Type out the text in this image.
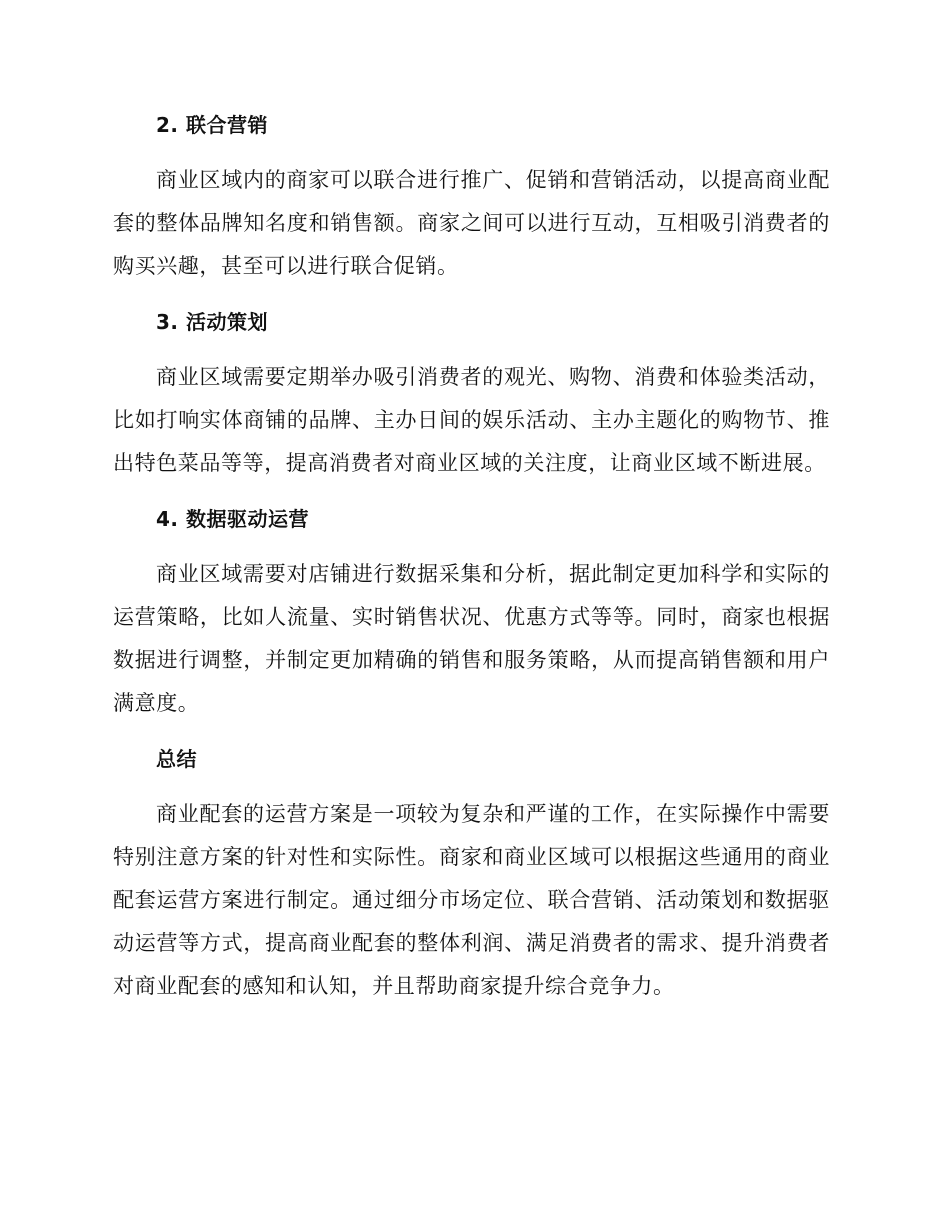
2. 联合营销

商业区域内的商家可以联合进行推广、促销和营销活动，以提高商业配套的整体品牌知名度和销售额。商家之间可以进行互动，互相吸引消费者的购买兴趣，甚至可以进行联合促销。

3. 活动策划

商业区域需要定期举办吸引消费者的观光、购物、消费和体验类活动，比如打响实体商铺的品牌、主办日间的娱乐活动、主办主题化的购物节、推出特色菜品等等，提高消费者对商业区域的关注度，让商业区域不断进展。

4. 数据驱动运营

商业区域需要对店铺进行数据采集和分析，据此制定更加科学和实际的运营策略，比如人流量、实时销售状况、优惠方式等等。同时，商家也根据数据进行调整，并制定更加精确的销售和服务策略，从而提高销售额和用户满意度。

总结

商业配套的运营方案是一项较为复杂和严谨的工作，在实际操作中需要特别注意方案的针对性和实际性。商家和商业区域可以根据这些通用的商业配套运营方案进行制定。通过细分市场定位、联合营销、活动策划和数据驱动运营等方式，提高商业配套的整体利润、满足消费者的需求、提升消费者对商业配套的感知和认知，并且帮助商家提升综合竞争力。
